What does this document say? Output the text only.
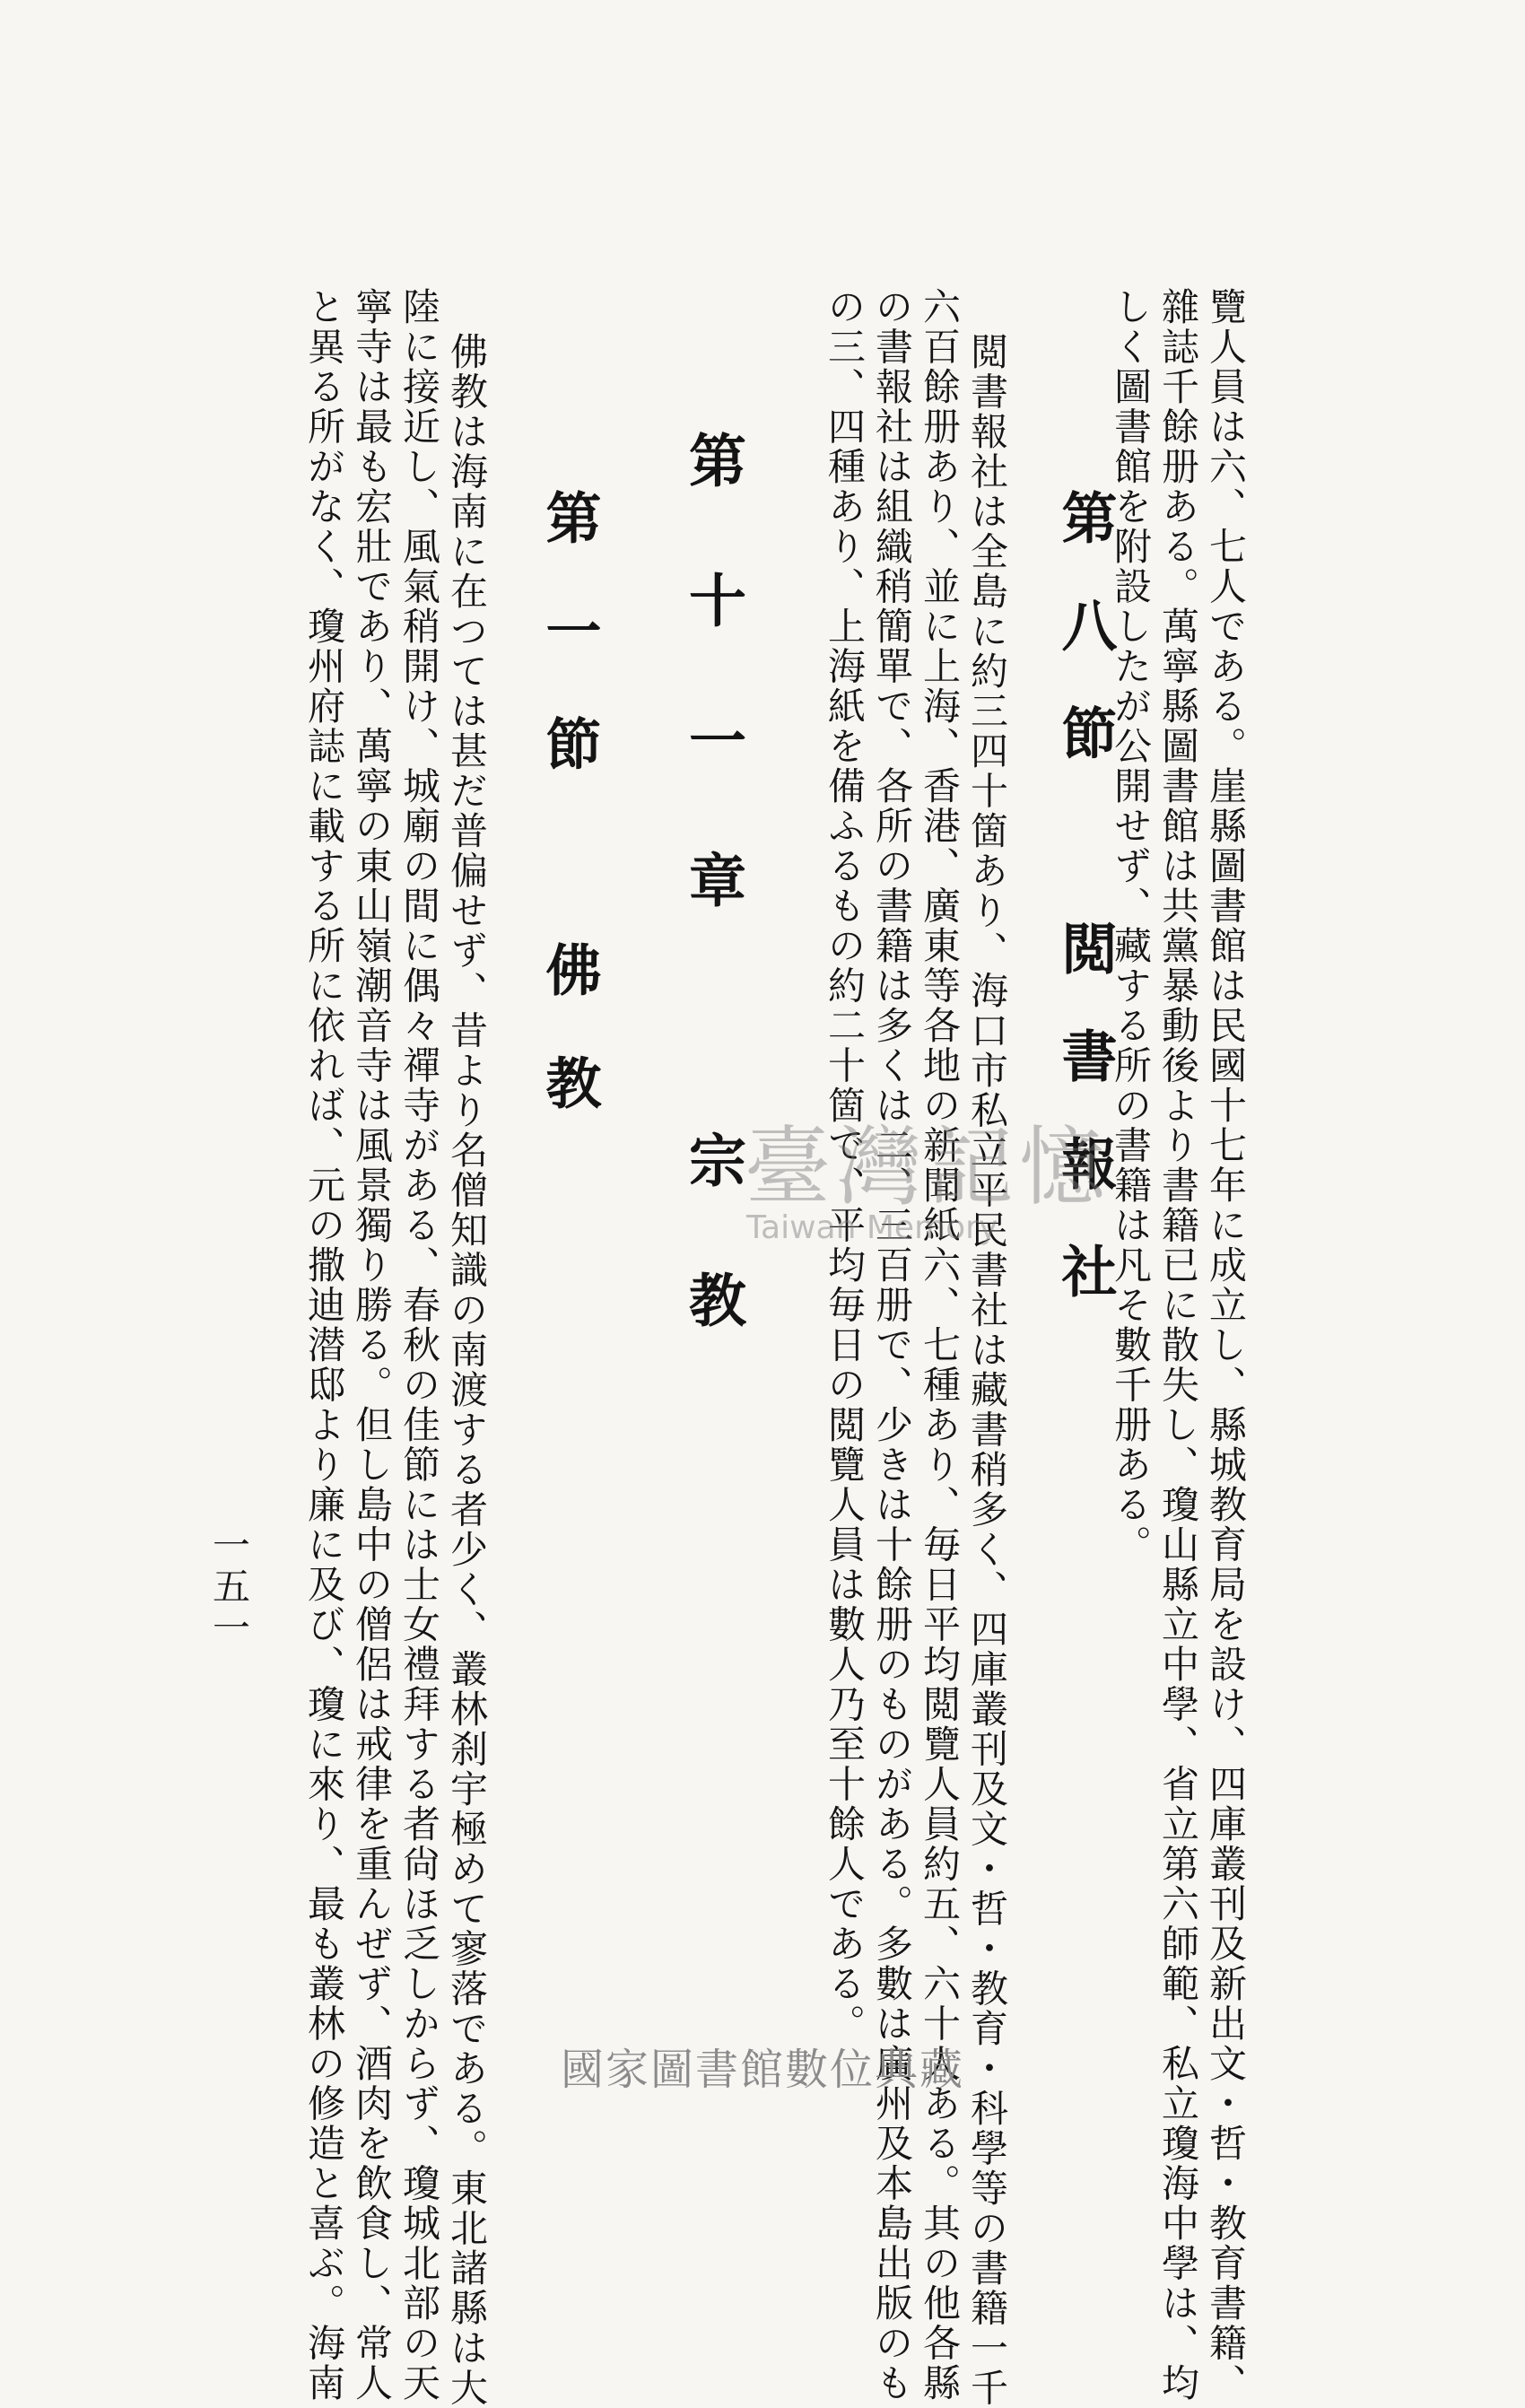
覽人員は六、七人である。崖縣圖書館は民國十七年に成立し、縣城教育局を設け、四庫叢刊及新出文・哲・教育書籍、

雜誌千餘册ある。萬寧縣圖書館は共黨暴動後より書籍已に散失し、瓊山縣立中學、省立第六師範、私立瓊海中學は、均

しく圖書館を附設したが公開せず、藏する所の書籍は凡そ數千册ある。

第八節　閲書報社

閲書報社は全島に約三四十箇あり、海口市私立平民書社は藏書稍多く、四庫叢刊及文・哲・教育・科學等の書籍一千

六百餘册あり、並に上海、香港、廣東等各地の新聞紙六、七種あり、毎日平均閲覽人員約五、六十人ある。其の他各縣

の書報社は組織稍簡單で、各所の書籍は多くは二、三百册で、少きは十餘册のものがある。多數は廣州及本島出版のも

の三、四種あり、上海紙を備ふるもの約二十箇で、平均毎日の閲覽人員は數人乃至十餘人である。

第十一章　宗教
第一節　佛教

佛教は海南に在つては甚だ普偏せず、昔より名僧知識の南渡する者少く、叢林刹宇極めて寥落である。東北諸縣は大

陸に接近し、風氣稍開け、城廟の間に偶々禪寺がある、春秋の佳節には士女禮拜する者尙ほ乏しからず、瓊城北部の天

寧寺は最も宏壯であり、萬寧の東山嶺潮音寺は風景獨り勝る。但し島中の僧侶は戒律を重んぜず、酒肉を飲食し、常人

と異る所がなく、瓊州府誌に載する所に依れば、元の撒迪潜邸より廉に及び、瓊に來り、最も叢林の修造と喜ぶ。海南

一五一
臺灣記憶
Taiwan Memory
國家圖書館數位典藏
